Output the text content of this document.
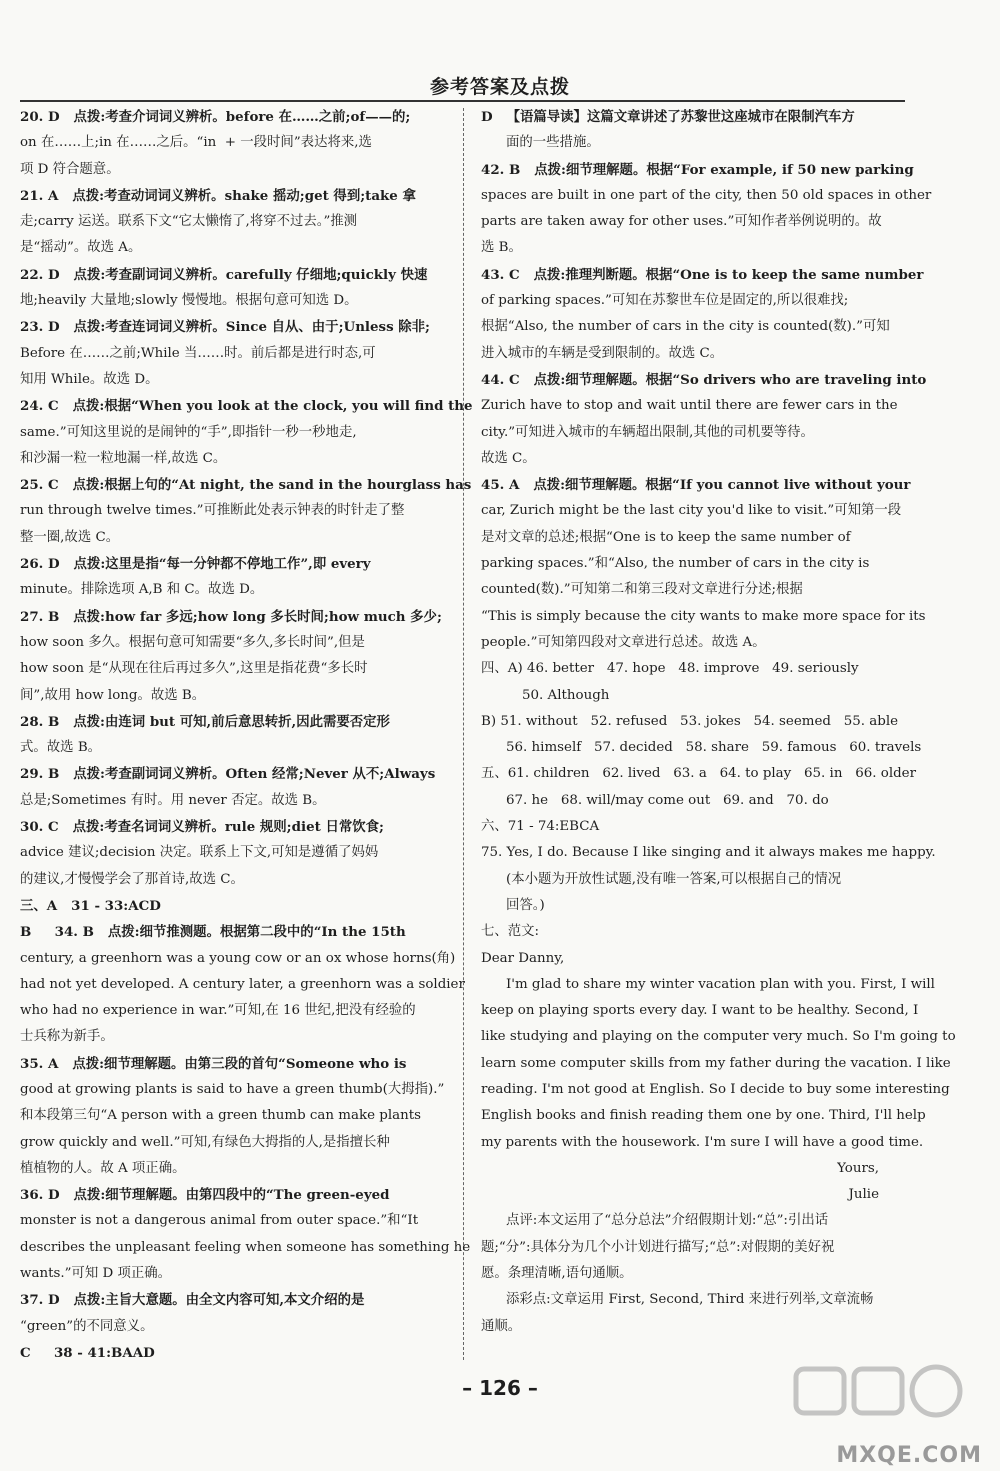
参考答案及点拨
20. D   点拨:考查介词词义辨析。before 在……之前;of——的;
on 在……上;in 在……之后。“in  + 一段时间”表达将来,选
项 D 符合题意。
21. A   点拨:考查动词词义辨析。shake 摇动;get 得到;take 拿
走;carry 运送。联系下文“它太懒惰了,将穿不过去。”推测
是“摇动”。故选 A。
22. D   点拨:考查副词词义辨析。carefully 仔细地;quickly 快速
地;heavily 大量地;slowly 慢慢地。根据句意可知选 D。
23. D   点拨:考查连词词义辨析。Since 自从、由于;Unless 除非;
Before 在……之前;While 当……时。前后都是进行时态,可
知用 While。故选 D。
24. C   点拨:根据“When you look at the clock, you will find the
same.”可知这里说的是闹钟的“手”,即指针一秒一秒地走,
和沙漏一粒一粒地漏一样,故选 C。
25. C   点拨:根据上句的“At night, the sand in the hourglass has
run through twelve times.”可推断此处表示钟表的时针走了整
整一圈,故选 C。
26. D   点拨:这里是指“每一分钟都不停地工作”,即 every
minute。排除选项 A,B 和 C。故选 D。
27. B   点拨:how far 多远;how long 多长时间;how much 多少;
how soon 多久。根据句意可知需要“多久,多长时间”,但是
how soon 是“从现在往后再过多久”,这里是指花费“多长时
间”,故用 how long。故选 B。
28. B   点拨:由连词 but 可知,前后意思转折,因此需要否定形
式。故选 B。
29. B   点拨:考查副词词义辨析。Often 经常;Never 从不;Always
总是;Sometimes 有时。用 never 否定。故选 B。
30. C   点拨:考查名词词义辨析。rule 规则;diet 日常饮食;
advice 建议;decision 决定。联系上下文,可知是遵循了妈妈
的建议,才慢慢学会了那首诗,故选 C。
三、A   31 - 33:ACD
B     34. B   点拨:细节推测题。根据第二段中的“In the 15th
century, a greenhorn was a young cow or an ox whose horns(角)
had not yet developed. A century later, a greenhorn was a soldier
who had no experience in war.”可知,在 16 世纪,把没有经验的
士兵称为新手。
35. A   点拨:细节理解题。由第三段的首句“Someone who is
good at growing plants is said to have a green thumb(大拇指).”
和本段第三句“A person with a green thumb can make plants
grow quickly and well.”可知,有绿色大拇指的人,是指擅长种
植植物的人。故 A 项正确。
36. D   点拨:细节理解题。由第四段中的“The green-eyed
monster is not a dangerous animal from outer space.”和“It
describes the unpleasant feeling when someone has something he
wants.”可知 D 项正确。
37. D   点拨:主旨大意题。由全文内容可知,本文介绍的是
“green”的不同意义。
C     38 - 41:BAAD
D   【语篇导读】这篇文章讲述了苏黎世这座城市在限制汽车方
面的一些措施。
42. B   点拨:细节理解题。根据“For example, if 50 new parking
spaces are built in one part of the city, then 50 old spaces in other
parts are taken away for other uses.”可知作者举例说明的。故
选 B。
43. C   点拨:推理判断题。根据“One is to keep the same number
of parking spaces.”可知在苏黎世车位是固定的,所以很难找;
根据“Also, the number of cars in the city is counted(数).”可知
进入城市的车辆是受到限制的。故选 C。
44. C   点拨:细节理解题。根据“So drivers who are traveling into
Zurich have to stop and wait until there are fewer cars in the
city.”可知进入城市的车辆超出限制,其他的司机要等待。
故选 C。
45. A   点拨:细节理解题。根据“If you cannot live without your
car, Zurich might be the last city you'd like to visit.”可知第一段
是对文章的总述;根据“One is to keep the same number of
parking spaces.”和“Also, the number of cars in the city is
counted(数).”可知第二和第三段对文章进行分述;根据
“This is simply because the city wants to make more space for its
people.”可知第四段对文章进行总述。故选 A。
四、A) 46. better   47. hope   48. improve   49. seriously
50. Although
B) 51. without   52. refused   53. jokes   54. seemed   55. able
56. himself   57. decided   58. share   59. famous   60. travels
五、61. children   62. lived   63. a   64. to play   65. in   66. older
67. he   68. will/may come out   69. and   70. do
六、71 - 74:EBCA
75. Yes, I do. Because I like singing and it always makes me happy.
(本小题为开放性试题,没有唯一答案,可以根据自己的情况
回答。)
七、范文:
Dear Danny,
I'm glad to share my winter vacation plan with you. First, I will
keep on playing sports every day. I want to be healthy. Second, I
like studying and playing on the computer very much. So I'm going to
learn some computer skills from my father during the vacation. I like
reading. I'm not good at English. So I decide to buy some interesting
English books and finish reading them one by one. Third, I'll help
my parents with the housework. I'm sure I will have a good time.
Yours,
Julie
点评:本文运用了“总分总法”介绍假期计划:“总”:引出话
题;“分”:具体分为几个小计划进行描写;“总”:对假期的美好祝
愿。条理清晰,语句通顺。
添彩点:文章运用 First, Second, Third 来进行列举,文章流畅
通顺。
– 126 –
MXQE.COM
